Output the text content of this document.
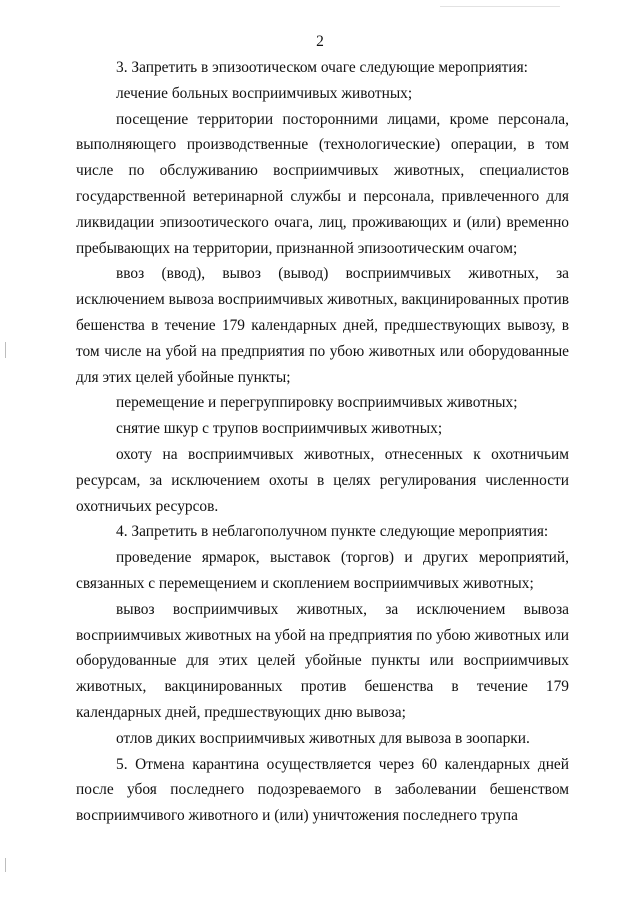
2

3. Запретить в эпизоотическом очаге следующие мероприятия:

лечение больных восприимчивых животных;

посещение территории посторонними лицами, кроме персонала, выполняющего производственные (технологические) операции, в том числе по обслуживанию восприимчивых животных, специалистов государственной ветеринарной службы и персонала, привлеченного для ликвидации эпизоотического очага, лиц, проживающих и (или) временно пребывающих на территории, признанной эпизоотическим очагом;

ввоз (ввод), вывоз (вывод) восприимчивых животных, за исключением вывоза восприимчивых животных, вакцинированных против бешенства в течение 179 календарных дней, предшествующих вывозу, в том числе на убой на предприятия по убою животных или оборудованные для этих целей убойные пункты;

перемещение и перегруппировку восприимчивых животных;

снятие шкур с трупов восприимчивых животных;

охоту на восприимчивых животных, отнесенных к охотничьим ресурсам, за исключением охоты в целях регулирования численности охотничьих ресурсов.

4. Запретить в неблагополучном пункте следующие мероприятия:

проведение ярмарок, выставок (торгов) и других мероприятий, связанных с перемещением и скоплением восприимчивых животных;

вывоз восприимчивых животных, за исключением вывоза восприимчивых животных на убой на предприятия по убою животных или оборудованные для этих целей убойные пункты или восприимчивых животных, вакцинированных против бешенства в течение 179 календарных дней, предшествующих дню вывоза;

отлов диких восприимчивых животных для вывоза в зоопарки.

5. Отмена карантина осуществляется через 60 календарных дней после убоя последнего подозреваемого в заболевании бешенством восприимчивого животного и (или) уничтожения последнего трупа
